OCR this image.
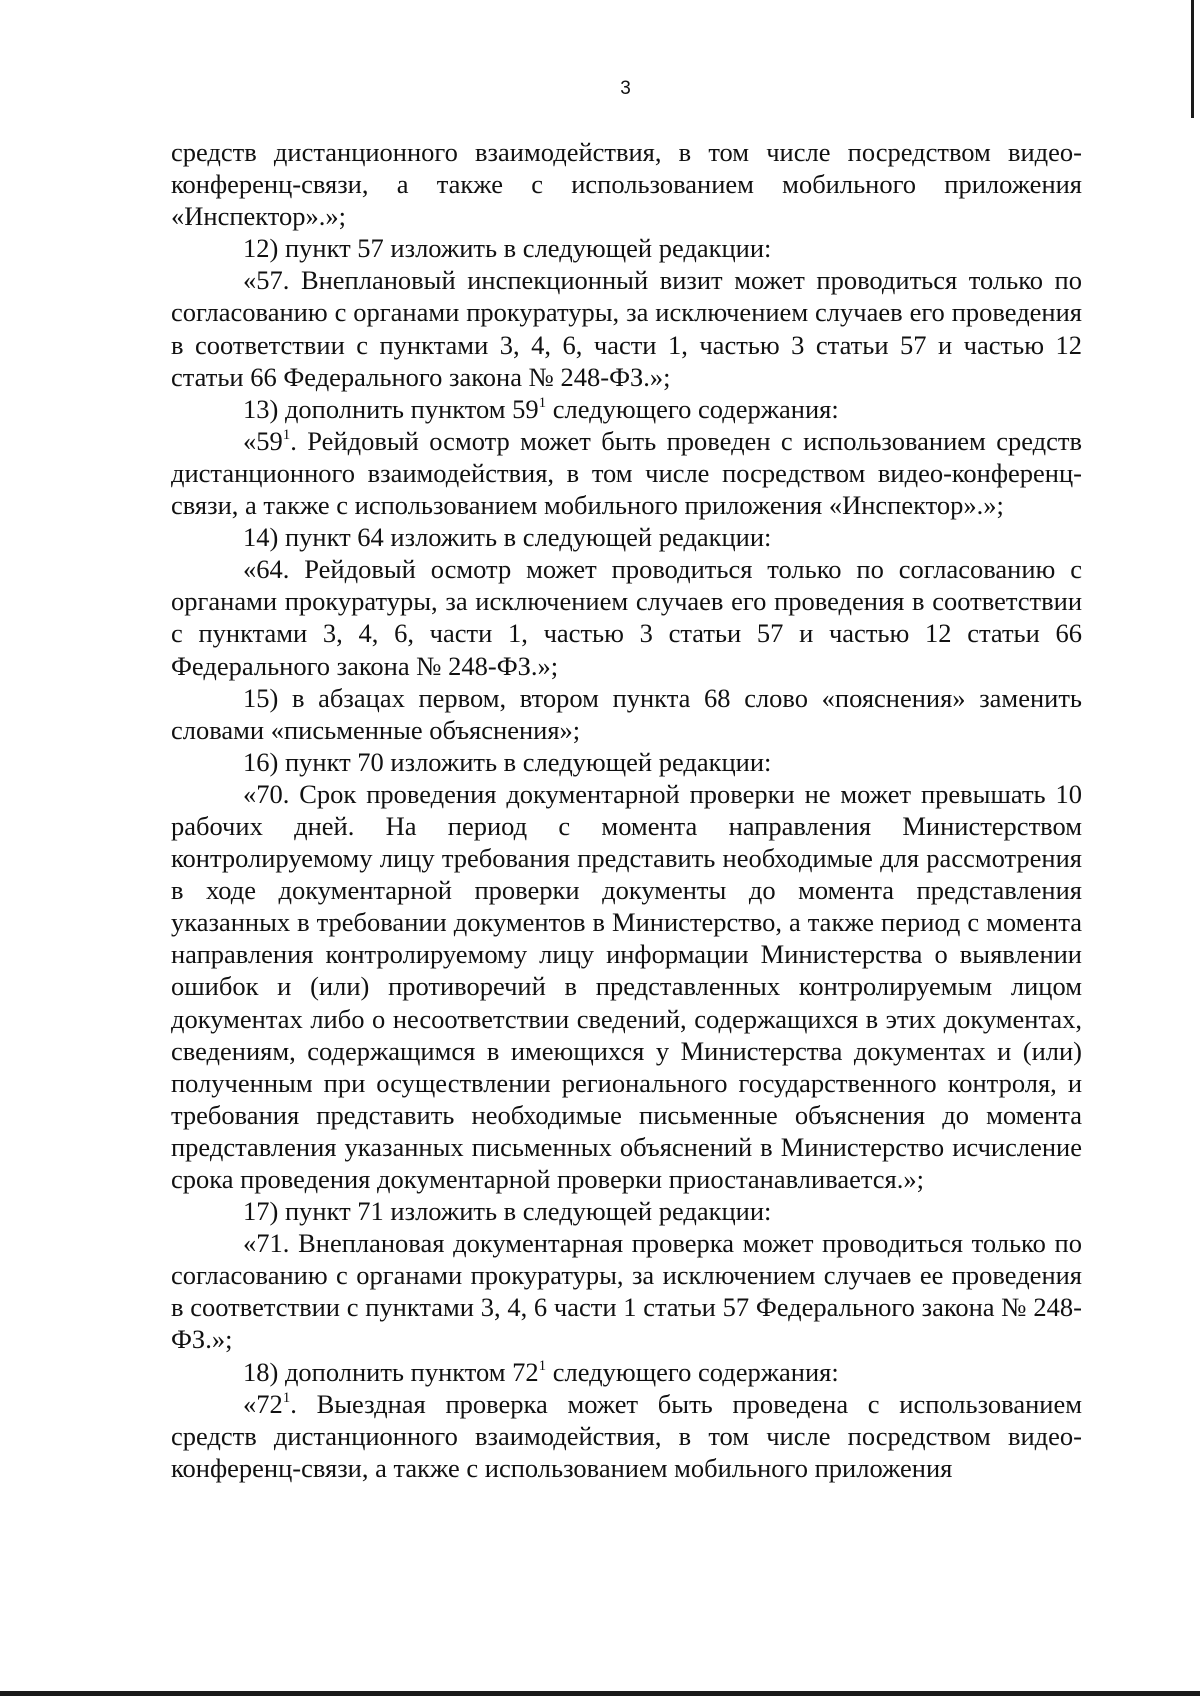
3

средств дистанционного взаимодействия, в том числе посредством видео-конференц-связи, а также с использованием мобильного приложения «Инспектор».»;

12) пункт 57 изложить в следующей редакции:

«57. Внеплановый инспекционный визит может проводиться только по согласованию с органами прокуратуры, за исключением случаев его проведения в соответствии с пунктами 3, 4, 6, части 1, частью 3 статьи 57 и частью 12 статьи 66 Федерального закона № 248-ФЗ.»;

13) дополнить пунктом $59^1$ следующего содержания:

«$59^1$. Рейдовый осмотр может быть проведен с использованием средств дистанционного взаимодействия, в том числе посредством видео-конференц-связи, а также с использованием мобильного приложения «Инспектор».»;

14) пункт 64 изложить в следующей редакции:

«64. Рейдовый осмотр может проводиться только по согласованию с органами прокуратуры, за исключением случаев его проведения в соответствии с пунктами 3, 4, 6, части 1, частью 3 статьи 57 и частью 12 статьи 66 Федерального закона № 248-ФЗ.»;

15) в абзацах первом, втором пункта 68 слово «пояснения» заменить словами «письменные объяснения»;

16) пункт 70 изложить в следующей редакции:

«70. Срок проведения документарной проверки не может превышать 10 рабочих дней. На период с момента направления Министерством контролируемому лицу требования представить необходимые для рассмотрения в ходе документарной проверки документы до момента представления указанных в требовании документов в Министерство, а также период с момента направления контролируемому лицу информации Министерства о выявлении ошибок и (или) противоречий в представленных контролируемым лицом документах либо о несоответствии сведений, содержащихся в этих документах, сведениям, содержащимся в имеющихся у Министерства документах и (или) полученным при осуществлении регионального государственного контроля, и требования представить необходимые письменные объяснения до момента представления указанных письменных объяснений в Министерство исчисление срока проведения документарной проверки приостанавливается.»;

17) пункт 71 изложить в следующей редакции:

«71. Внеплановая документарная проверка может проводиться только по согласованию с органами прокуратуры, за исключением случаев ее проведения в соответствии с пунктами 3, 4, 6 части 1 статьи 57 Федерального закона № 248-ФЗ.»;

18) дополнить пунктом $72^1$ следующего содержания:

«$72^1$. Выездная проверка может быть проведена с использованием средств дистанционного взаимодействия, в том числе посредством видео-конференц-связи, а также с использованием мобильного приложения
